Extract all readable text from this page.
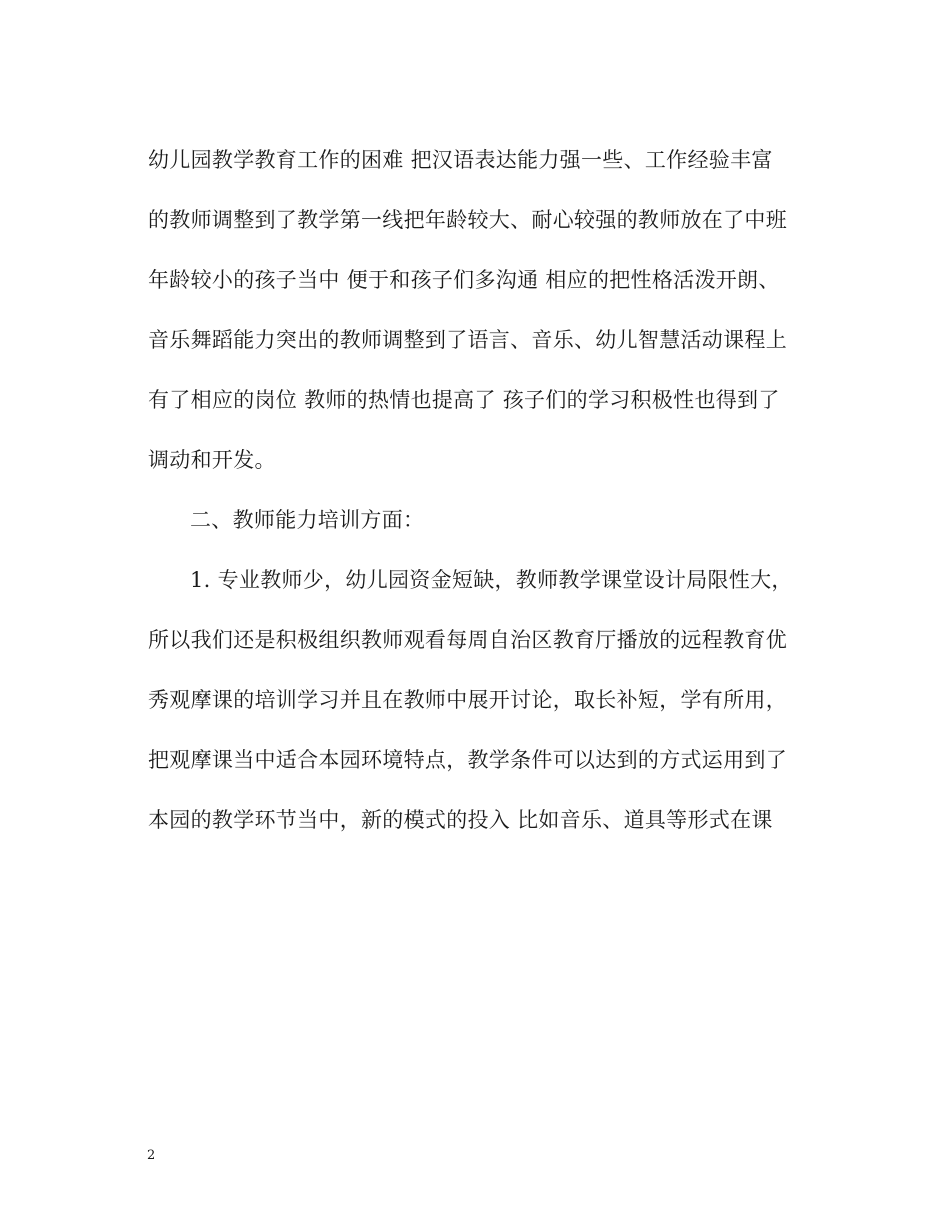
幼儿园教学教育工作的困难 把汉语表达能力强一些、工作经验丰富
的教师调整到了教学第一线把年龄较大、耐心较强的教师放在了中班
年龄较小的孩子当中 便于和孩子们多沟通 相应的把性格活泼开朗、
音乐舞蹈能力突出的教师调整到了语言、音乐、幼儿智慧活动课程上
有了相应的岗位 教师的热情也提高了 孩子们的学习积极性也得到了
调动和开发。
二、教师能力培训方面：
1. 专业教师少，幼儿园资金短缺，教师教学课堂设计局限性大，
所以我们还是积极组织教师观看每周自治区教育厅播放的远程教育优
秀观摩课的培训学习并且在教师中展开讨论，取长补短，学有所用，
把观摩课当中适合本园环境特点，教学条件可以达到的方式运用到了
本园的教学环节当中，新的模式的投入 比如音乐、道具等形式在课
2
